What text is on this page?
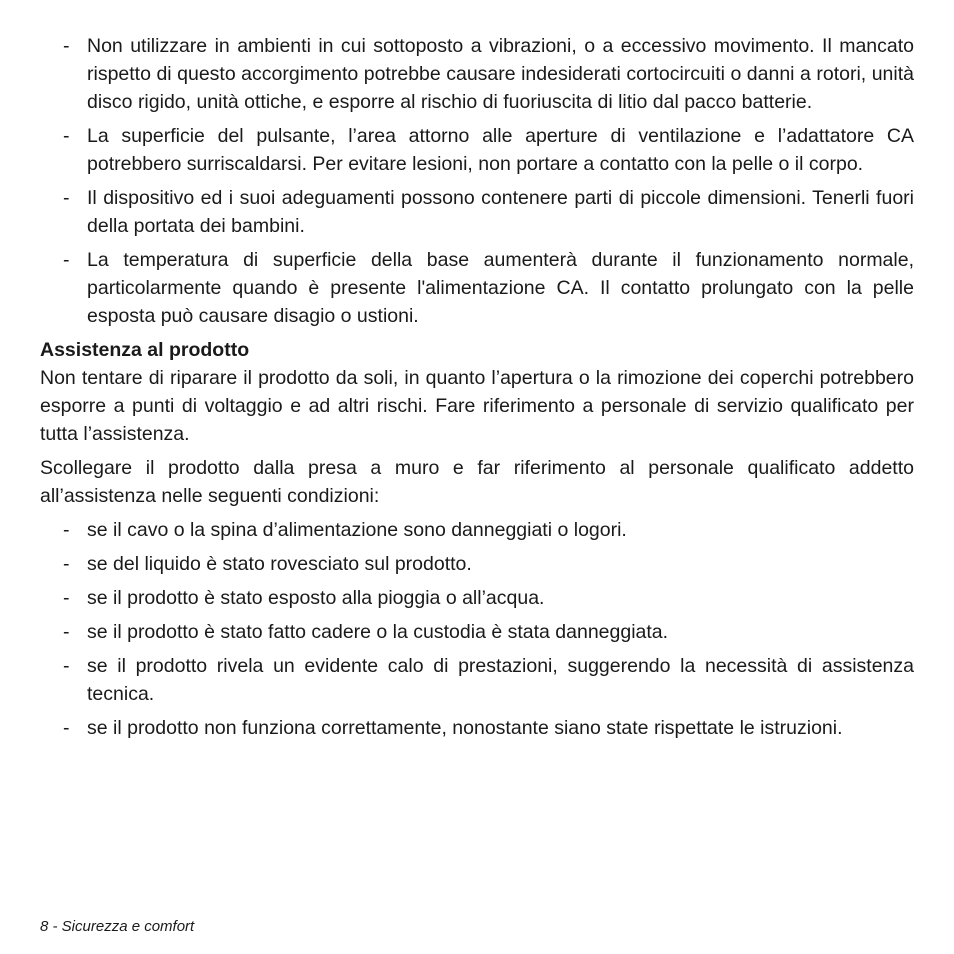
- Non utilizzare in ambienti in cui sottoposto a vibrazioni, o a eccessivo movimento. Il mancato rispetto di questo accorgimento potrebbe causare indesiderati cortocircuiti o danni a rotori, unità disco rigido, unità ottiche, e esporre al rischio di fuoriuscita di litio dal pacco batterie.
- La superficie del pulsante, l’area attorno alle aperture di ventilazione e l’adattatore CA potrebbero surriscaldarsi. Per evitare lesioni, non portare a contatto con la pelle o il corpo.
- Il dispositivo ed i suoi adeguamenti possono contenere parti di piccole dimensioni. Tenerli fuori della portata dei bambini.
- La temperatura di superficie della base aumenterà durante il funzionamento normale, particolarmente quando è presente l'alimentazione CA. Il contatto prolungato con la pelle esposta può causare disagio o ustioni.
Assistenza al prodotto

Non tentare di riparare il prodotto da soli, in quanto l’apertura o la rimozione dei coperchi potrebbero esporre a punti di voltaggio e ad altri rischi. Fare riferimento a personale di servizio qualificato per tutta l’assistenza.

Scollegare il prodotto dalla presa a muro e far riferimento al personale qualificato addetto all’assistenza nelle seguenti condizioni:

- se il cavo o la spina d’alimentazione sono danneggiati o logori.
- se del liquido è stato rovesciato sul prodotto.
- se il prodotto è stato esposto alla pioggia o all’acqua.
- se il prodotto è stato fatto cadere o la custodia è stata danneggiata.
- se il prodotto rivela un evidente calo di prestazioni, suggerendo la necessità di assistenza tecnica.
- se il prodotto non funziona correttamente, nonostante siano state rispettate le istruzioni.
8 - Sicurezza e comfort
